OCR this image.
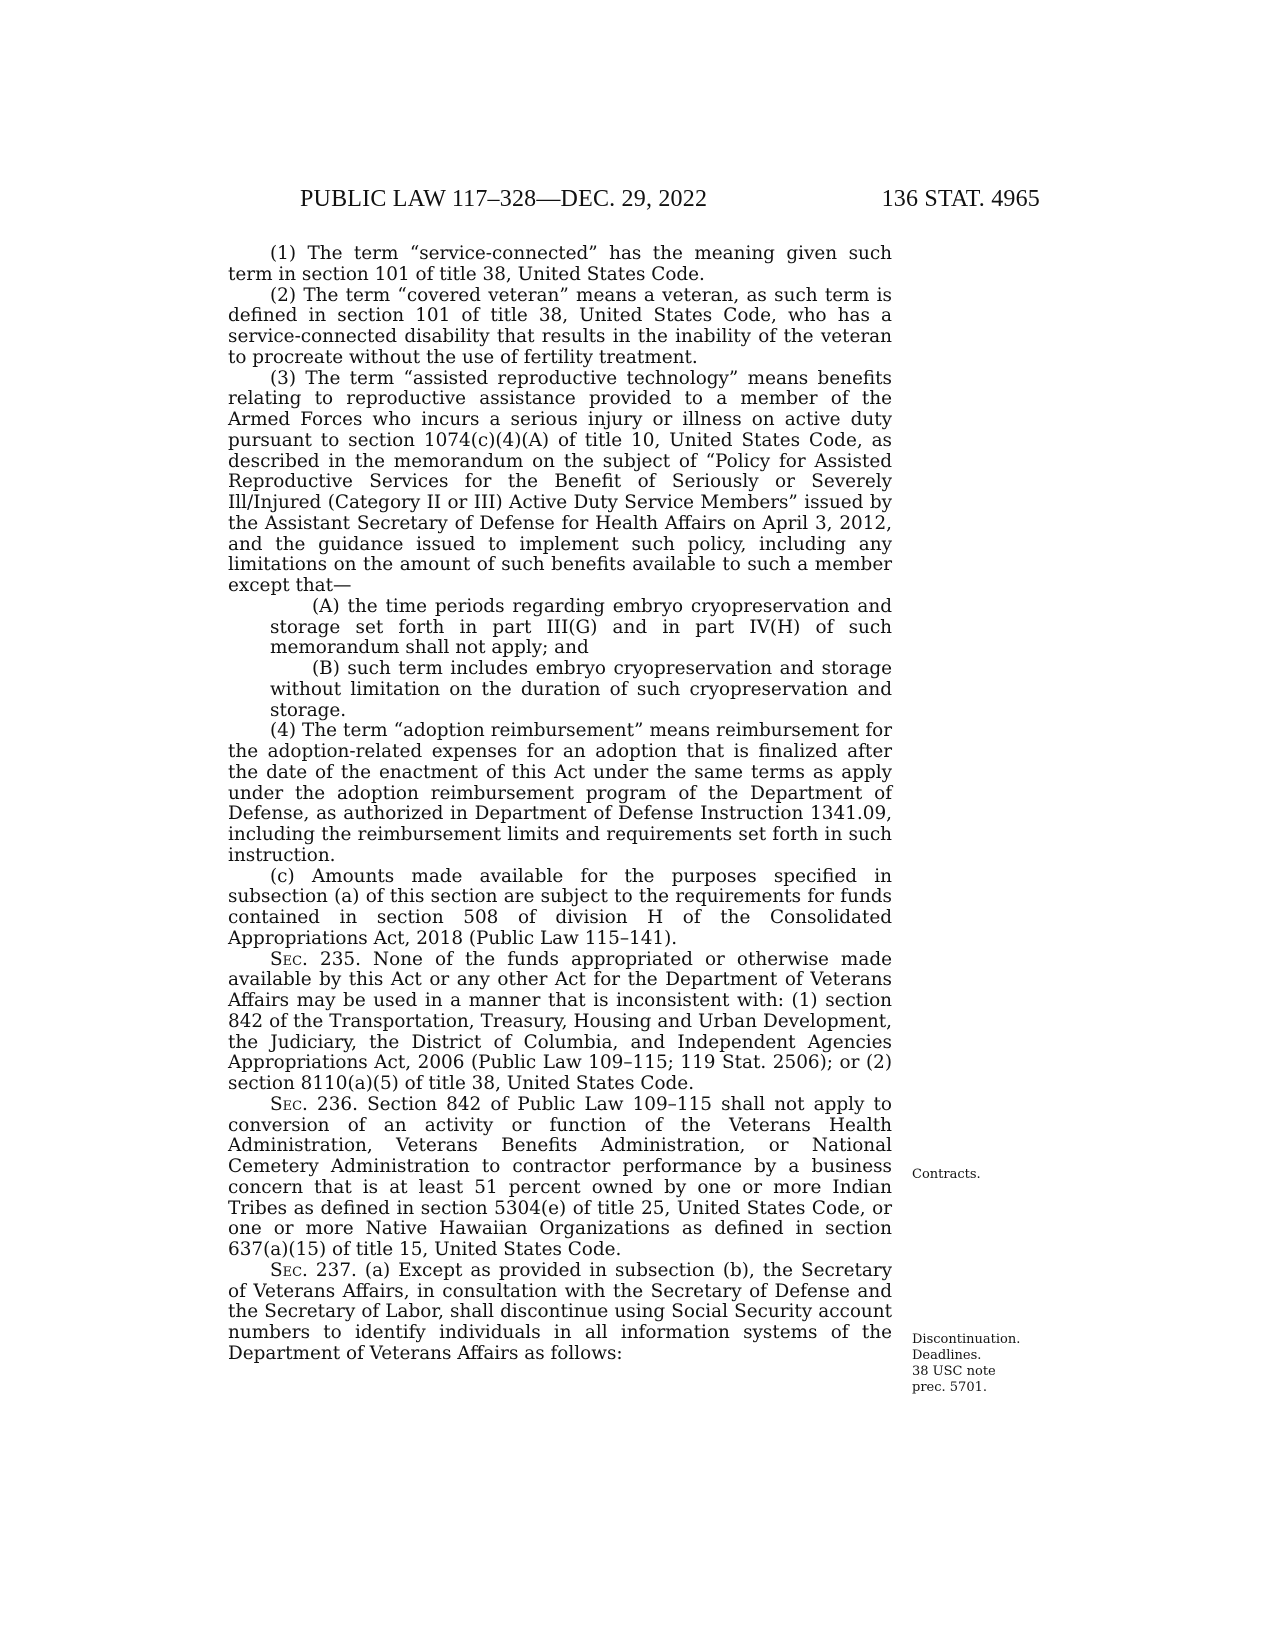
PUBLIC LAW 117–328—DEC. 29, 2022	136 STAT. 4965

(1) The term “service-connected” has the meaning given such term in section 101 of title 38, United States Code.

(2) The term “covered veteran” means a veteran, as such term is defined in section 101 of title 38, United States Code, who has a service-connected disability that results in the inability of the veteran to procreate without the use of fertility treatment.

(3) The term “assisted reproductive technology” means benefits relating to reproductive assistance provided to a member of the Armed Forces who incurs a serious injury or illness on active duty pursuant to section 1074(c)(4)(A) of title 10, United States Code, as described in the memorandum on the subject of “Policy for Assisted Reproductive Services for the Benefit of Seriously or Severely Ill/Injured (Category II or III) Active Duty Service Members” issued by the Assistant Secretary of Defense for Health Affairs on April 3, 2012, and the guidance issued to implement such policy, including any limitations on the amount of such benefits available to such a member except that—

(A) the time periods regarding embryo cryopreservation and storage set forth in part III(G) and in part IV(H) of such memorandum shall not apply; and

(B) such term includes embryo cryopreservation and storage without limitation on the duration of such cryopreservation and storage.

(4) The term “adoption reimbursement” means reimbursement for the adoption-related expenses for an adoption that is finalized after the date of the enactment of this Act under the same terms as apply under the adoption reimbursement program of the Department of Defense, as authorized in Department of Defense Instruction 1341.09, including the reimbursement limits and requirements set forth in such instruction.

(c) Amounts made available for the purposes specified in subsection (a) of this section are subject to the requirements for funds contained in section 508 of division H of the Consolidated Appropriations Act, 2018 (Public Law 115–141).

Sec. 235. None of the funds appropriated or otherwise made available by this Act or any other Act for the Department of Veterans Affairs may be used in a manner that is inconsistent with: (1) section 842 of the Transportation, Treasury, Housing and Urban Development, the Judiciary, the District of Columbia, and Independent Agencies Appropriations Act, 2006 (Public Law 109–115; 119 Stat. 2506); or (2) section 8110(a)(5) of title 38, United States Code.

Sec. 236. Section 842 of Public Law 109–115 shall not apply to conversion of an activity or function of the Veterans Health Administration, Veterans Benefits Administration, or National Cemetery Administration to contractor performance by a business concern that is at least 51 percent owned by one or more Indian Tribes as defined in section 5304(e) of title 25, United States Code, or one or more Native Hawaiian Organizations as defined in section 637(a)(15) of title 15, United States Code.

Sec. 237. (a) Except as provided in subsection (b), the Secretary of Veterans Affairs, in consultation with the Secretary of Defense and the Secretary of Labor, shall discontinue using Social Security account numbers to identify individuals in all information systems of the Department of Veterans Affairs as follows:

Contracts.
Discontinuation.
Deadlines.
38 USC note
prec. 5701.
